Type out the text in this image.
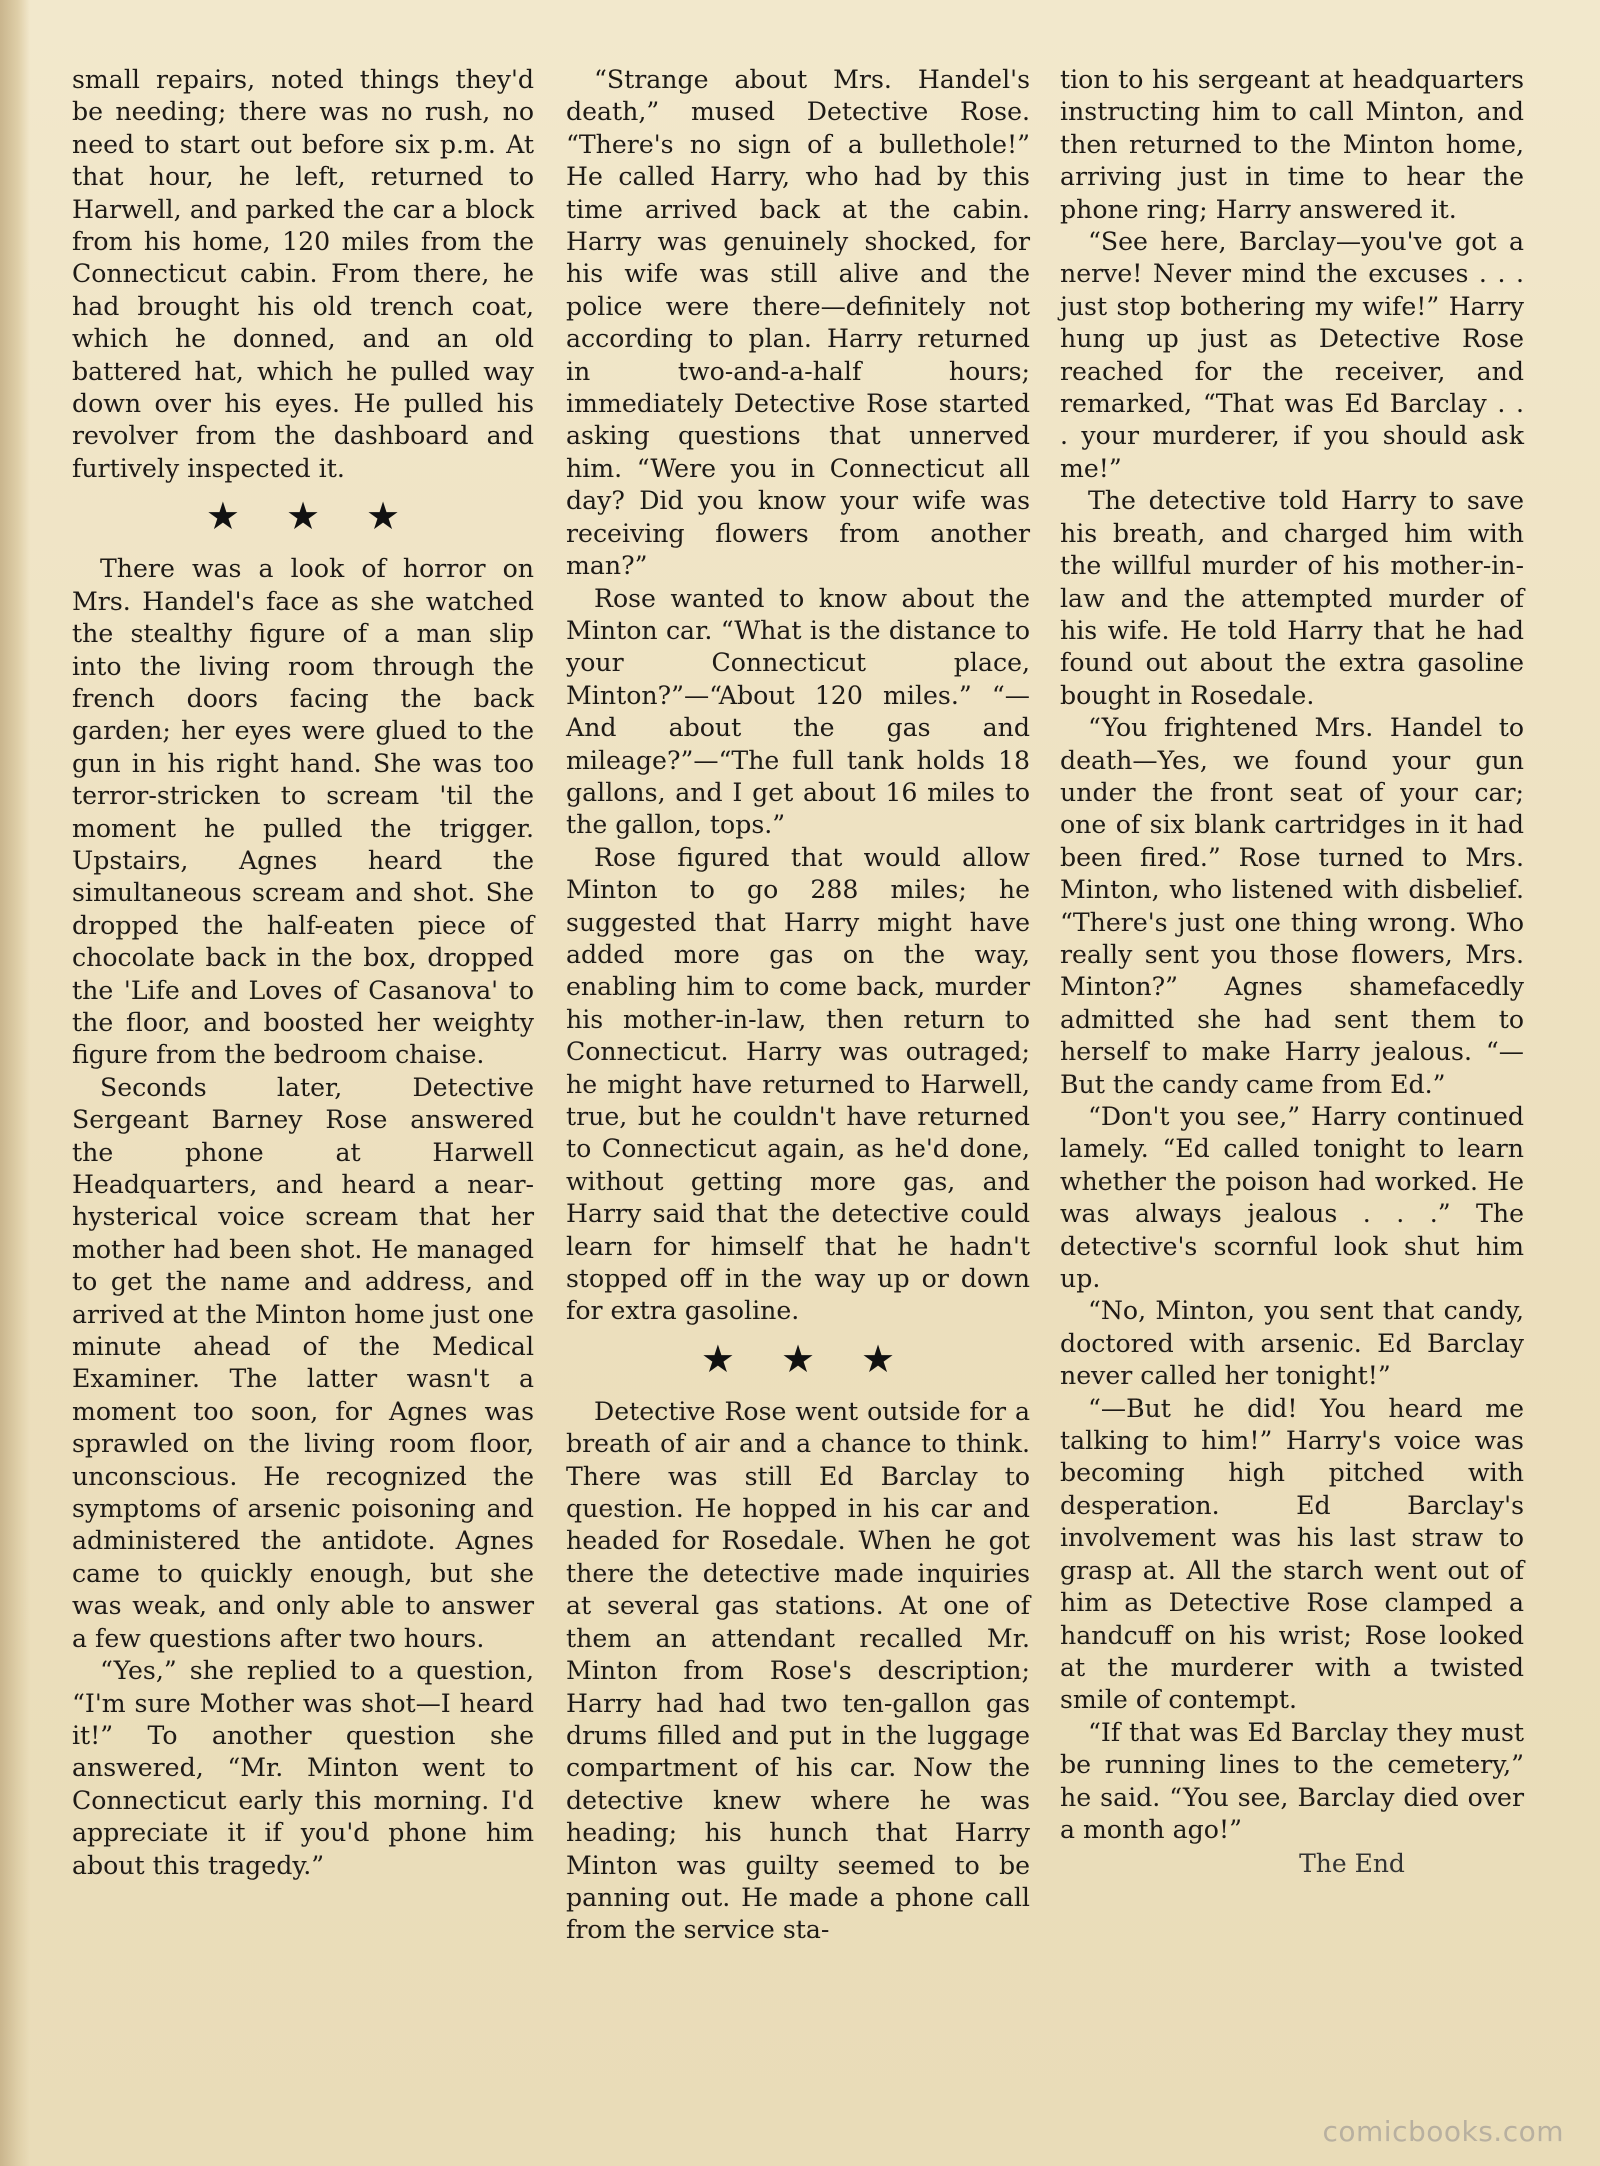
small repairs, noted things they'd be needing; there was no rush, no need to start out before six p.m. At that hour, he left, returned to Harwell, and parked the car a block from his home, 120 miles from the Connecticut cabin. From there, he had brought his old trench coat, which he donned, and an old battered hat, which he pulled way down over his eyes. He pulled his revolver from the dashboard and furtively inspected it.

★ ★ ★

There was a look of horror on Mrs. Handel's face as she watched the stealthy figure of a man slip into the living room through the french doors facing the back garden; her eyes were glued to the gun in his right hand. She was too terror-stricken to scream 'til the moment he pulled the trigger. Upstairs, Agnes heard the simultaneous scream and shot. She dropped the half-eaten piece of chocolate back in the box, dropped the 'Life and Loves of Casanova' to the floor, and boosted her weighty figure from the bedroom chaise.

Seconds later, Detective Sergeant Barney Rose answered the phone at Harwell Headquarters, and heard a near-hysterical voice scream that her mother had been shot. He managed to get the name and address, and arrived at the Minton home just one minute ahead of the Medical Examiner. The latter wasn't a moment too soon, for Agnes was sprawled on the living room floor, unconscious. He recognized the symptoms of arsenic poisoning and administered the antidote. Agnes came to quickly enough, but she was weak, and only able to answer a few questions after two hours.

“Yes,” she replied to a question, “I'm sure Mother was shot—I heard it!” To another question she answered, “Mr. Minton went to Connecticut early this morning. I'd appreciate it if you'd phone him about this tragedy.”

“Strange about Mrs. Handel's death,” mused Detective Rose. “There's no sign of a bullethole!” He called Harry, who had by this time arrived back at the cabin. Harry was genuinely shocked, for his wife was still alive and the police were there—definitely not according to plan. Harry returned in two-and-a-half hours; immediately Detective Rose started asking questions that unnerved him. “Were you in Connecticut all day? Did you know your wife was receiving flowers from another man?”

Rose wanted to know about the Minton car. “What is the distance to your Connecticut place, Minton?”—“About 120 miles.” “—And about the gas and mileage?”—“The full tank holds 18 gallons, and I get about 16 miles to the gallon, tops.”

Rose figured that would allow Minton to go 288 miles; he suggested that Harry might have added more gas on the way, enabling him to come back, murder his mother-in-law, then return to Connecticut. Harry was outraged; he might have returned to Harwell, true, but he couldn't have returned to Connecticut again, as he'd done, without getting more gas, and Harry said that the detective could learn for himself that he hadn't stopped off in the way up or down for extra gasoline.

★ ★ ★

Detective Rose went outside for a breath of air and a chance to think. There was still Ed Barclay to question. He hopped in his car and headed for Rosedale. When he got there the detective made inquiries at several gas stations. At one of them an attendant recalled Mr. Minton from Rose's description; Harry had had two ten-gallon gas drums filled and put in the luggage compartment of his car. Now the detective knew where he was heading; his hunch that Harry Minton was guilty seemed to be panning out. He made a phone call from the service sta-

tion to his sergeant at headquarters instructing him to call Minton, and then returned to the Minton home, arriving just in time to hear the phone ring; Harry answered it.

“See here, Barclay—you've got a nerve! Never mind the excuses . . . just stop bothering my wife!” Harry hung up just as Detective Rose reached for the receiver, and remarked, “That was Ed Barclay . . . your murderer, if you should ask me!”

The detective told Harry to save his breath, and charged him with the willful murder of his mother-in-law and the attempted murder of his wife. He told Harry that he had found out about the extra gasoline bought in Rosedale.

“You frightened Mrs. Handel to death—Yes, we found your gun under the front seat of your car; one of six blank cartridges in it had been fired.” Rose turned to Mrs. Minton, who listened with disbelief. “There's just one thing wrong. Who really sent you those flowers, Mrs. Minton?” Agnes shamefacedly admitted she had sent them to herself to make Harry jealous. “—But the candy came from Ed.”

“Don't you see,” Harry continued lamely. “Ed called tonight to learn whether the poison had worked. He was always jealous . . .” The detective's scornful look shut him up.

“No, Minton, you sent that candy, doctored with arsenic. Ed Barclay never called her tonight!”

“—But he did! You heard me talking to him!” Harry's voice was becoming high pitched with desperation. Ed Barclay's involvement was his last straw to grasp at. All the starch went out of him as Detective Rose clamped a handcuff on his wrist; Rose looked at the murderer with a twisted smile of contempt.

“If that was Ed Barclay they must be running lines to the cemetery,” he said. “You see, Barclay died over a month ago!”

The End
comicbooks.com
